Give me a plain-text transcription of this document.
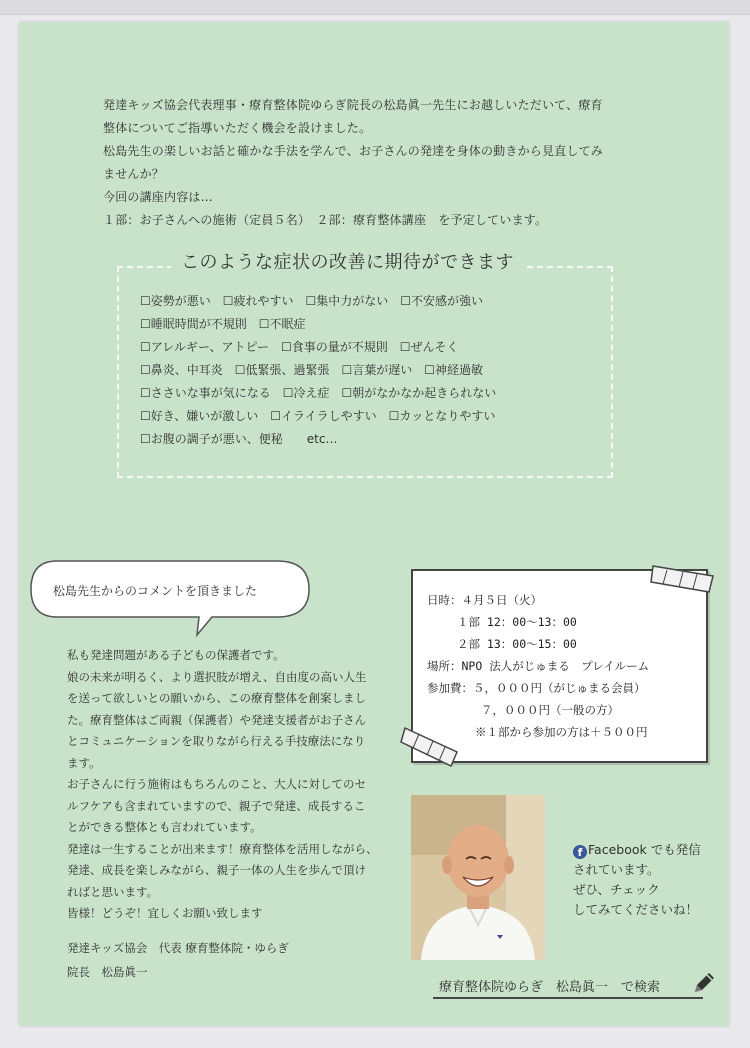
発達キッズ協会代表理事・療育整体院ゆらぎ院長の松島眞一先生にお越しいただいて、療育
整体についてご指導いただく機会を設けました。
松島先生の楽しいお話と確かな手法を学んで、お子さんの発達を身体の動きから見直してみ
ませんか？
今回の講座内容は…
１部：お子さんへの施術（定員５名）　２部：療育整体講座　を予定しています。
このような症状の改善に期待ができます
☐姿勢が悪い　☐疲れやすい　☐集中力がない　☐不安感が強い
☐睡眠時間が不規則　☐不眠症
☐アレルギー、アトピー　☐食事の量が不規則　☐ぜんそく
☐鼻炎、中耳炎　☐低緊張、過緊張　☐言葉が遅い　☐神経過敏
☐ささいな事が気になる　☐冷え症　☐朝がなかなか起きられない
☐好き、嫌いが激しい　☐イライラしやすい　☐カッとなりやすい
☐お腹の調子が悪い、便秘　　etc…
松島先生からのコメントを頂きました
私も発達問題がある子どもの保護者です。
娘の未来が明るく、より選択肢が増え、自由度の高い人生
を送って欲しいとの願いから、この療育整体を創案しまし
た。療育整体はご両親（保護者）や発達支援者がお子さん
とコミュニケーションを取りながら行える手技療法になり
ます。
お子さんに行う施術はもちろんのこと、大人に対してのセ
ルフケアも含まれていますので、親子で発達、成長するこ
とができる整体とも言われています。
発達は一生することが出来ます！療育整体を活用しながら、
発達、成長を楽しみながら、親子一体の人生を歩んで頂け
ればと思います。
皆様！どうぞ！宜しくお願い致します
発達キッズ協会　代表 療育整体院・ゆらぎ
院長　松島眞一
日時：４月５日（火）
１部 12：00〜13：00
２部 13：00〜15：00
場所：NPO 法人がじゅまる　プレイルーム
参加費：５，０００円（がじゅまる会員）
７，０００円（一般の方）
※１部から参加の方は＋５００円
f Facebook でも発信
されています。
ぜひ、チェック
してみてくださいね！
療育整体院ゆらぎ　松島眞一　で検索
